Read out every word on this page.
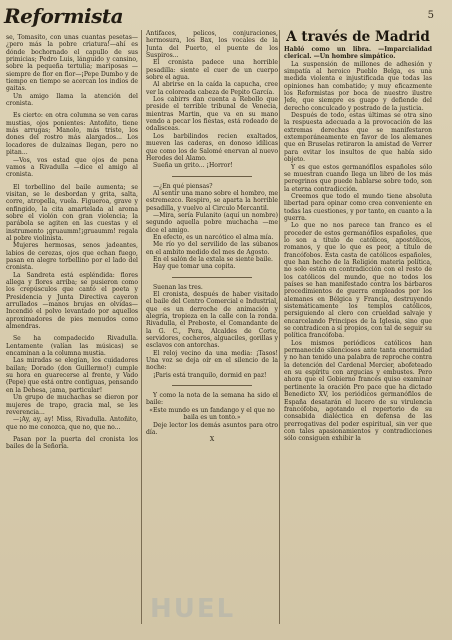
Reformista	5

se, Tomasito, con unas cuantas pesetas—¿pero más la pobre criatura!—ahí es dónde bochornado el capullo de sus primicias; Pedro Luis, lánguido y cansino, sobre la pequeña tertulia; mariposas —siempre de flor en flor—¡Pepe Dumbo y de tiempo en tiempo se acercan los indios de gaitas.

Un amigo llama la atención del cronista.

Es cierto: en otra columna se ven caras mustias, ojos ponientes: Antoñito, tiene más arrugas; Manolo, más triste, los dones del rostro más alargados... Los locadores de dulzainas llegan, pero no pitan...

—Vos, vos estad que ojos de pena vamos a Rivadulla —dice el amigo al cronista.

El torbellino del baile aumenta; se visitan, se le desbordan y grita, salta, corre, atropella, vuela. Figueroa, grave y enfingido, la cita amartelada al aroma sobre el violón con gran violencia; la parábola se agiten en las cuestas y el instrumento ¡gruaumm!¡gruaumm! regala al pobre violinista.

Mujeres hermosas, senos jadeantes, labios de cerezas, ojos que echan fuego, pasan en alegre torbellino por el lado del cronista.

La Sandreta está espléndida: flores allega y flores arriba; se pusieron como los crepúsculos que cantó el poeta y Presidencia y Junta Directiva cayeron arrullados —manos brujas en olvidas— Incendió el polvo levantado por aquellos aproximadores de pies menudos como almendras.

Se ha compadecido Rivadulla. Lentamente (valían las músicas) se encaminan a la columna mustia.

Las miradas se elegían, los cuidadores bailan; Dorado (don Guillermo!) cumple su hora en guarecerse al frente, y Vado (Pepe) que está ontre contiguas, pensando en la Dehesa, ¡ama, particular!

Un grupo de muchachas se dieron por mujeres de trapo, gracia mal, se les reverencia...

—¡Ay, ay, ay! Miss, Rivadulla. Antoñito, que no me conozca, que no, que no...

Pasan por la puerta del cronista los bailes de la Señoría.

Antifaces, pelicos, conjuraciones, hermosura, los Bax, los vocales de la Junta del Puerto, el puente de los Suspiros...

El cronista padece una horrible pesadilla: siente el cuer de un cuerpo sobre el agua.

Al abrirse en la caída la capucha, cree ver la coloreada cabeza de Pepito García.

Los cabirrs dan cuenta a Rebollo que preside el terrible tribunal de Venecia, mientras Martin, que va en su mano vendo a pecar los fiestas, está rodeado de odalisceas.

Los barbilindos recien exaltados, mueven las caderas, en donoso idílicas que como los de Salomé enervan al nuevo Herodes del Alamo.

Sueña un grito... ¡Horror!

—¿En qué piensas?

Al sentir una mano sobre el hombro, me estremezco. Respiro, se aparta la horrible pesadilla, y vuelvo al Circulo Mercantil.

—Mira, sería Fulanito (aquí un nombre) segundo aquella pobre muchacha —me dice el amigo.

En efecto, es un narcótico el alma mía.

Me río yo del servilido de las súbanos en el ambito medido del mes de Agosto.

En el salón de la extala se siente baile.

Hay que tomar una copita.

Suenan las tres.

El cronista, después de haber visitado el baile del Centro Comercial e Industrial, que es un derroche de animación y alegría, tropieza en la calle con la ronda. Rivadulla, el Preboste, el Comandante de la G. C., Pera, Alcaldes de Corte, servidores, cocheros, alguaciles, gorillas y esclavos con antorchas.

El reloj vecino da una media: ¡Tasos! Una voz se deja oír en el silencio de la noche:

¡Paris está tranquilo, dormid en paz!

Y como la nota de la semana ha sido el baile:

«Este mundo es un fandango y el que no baila es un tonto.»

Deje lector los demás asuntos para otro día.

X

A través de Madrid

Habló como un libra. —Imparcialidad clerical. —Un hombre simpático.

La suspensión de millones de adhesión y simpatía al heroico Pueblo Belga, es una medida violenta e injustificada que todas las opiniones han combatido; y muy eficazmente los Reformistas por boca de nuestro ilustre Jefe, que siempre es guapo y defiende del derecho conculcado y postrado de la justicia.

Después de todo, estas últimas se otra sino la respuesta adecuada a la provocación de las extremas derechas que se manifestaron extemporáneamente en favor de los alemanes que en Bruselas retiraron la amistad de Verrer para evitar los insultos de que había sido objeto.

Y es que estos germanófilos españoles sólo se muestran cuando llega un libro de los más peregrinos que puede hablarse sobre todo, son la eterna contradicción.

Creemos que todo el mundo tiene absoluta libertad para opinar como crea conveniente en todas las cuestiones, y por tanto, en cuanto a la guerra.

Lo que no nos parece tan franco es el proceder de estos germanófilos españoles, que lo son a título de católicos, apostólicos, romanos, y que lo que es peor, a título de francófobos. Esta casta de católicos españoles, que han hecho de la Religión materia política, no solo están en contradicción con el resto de los católicos del mundo, que no todos los países se han manifestado contra los bárbaros procedimientos de guerra empleados por los alemanes en Bélgica y Francia, destruyendo sistemáticamente los templos católicos, persiguiendo al clero con crueldad salvaje y encarcelando Principes de la Iglesia, sino que se contradicen a sí propios, con tal de seguir su política francófoba.

Los mismos periódicos católicos han permanecido silenciosos ante tanta enormidad y no han tenido una palabra de reproche contra la detención del Cardenal Mercier, abofeteado en su espíritu con argucias y embustes. Pero ahora que el Gobierno francés quiso examinar pertinente la oración Pro pace que ha dictado Benedicto XV, los periódicos germanófilos de España desatarán el lucero de su virulencia francófoba, agotando el repertorio de su consabida dialéctica en defensa de las prerrogativas del poder espiritual, sin ver que con tales apasionamientos y contradicciones sólo consiguen exhibir la

HUEL
